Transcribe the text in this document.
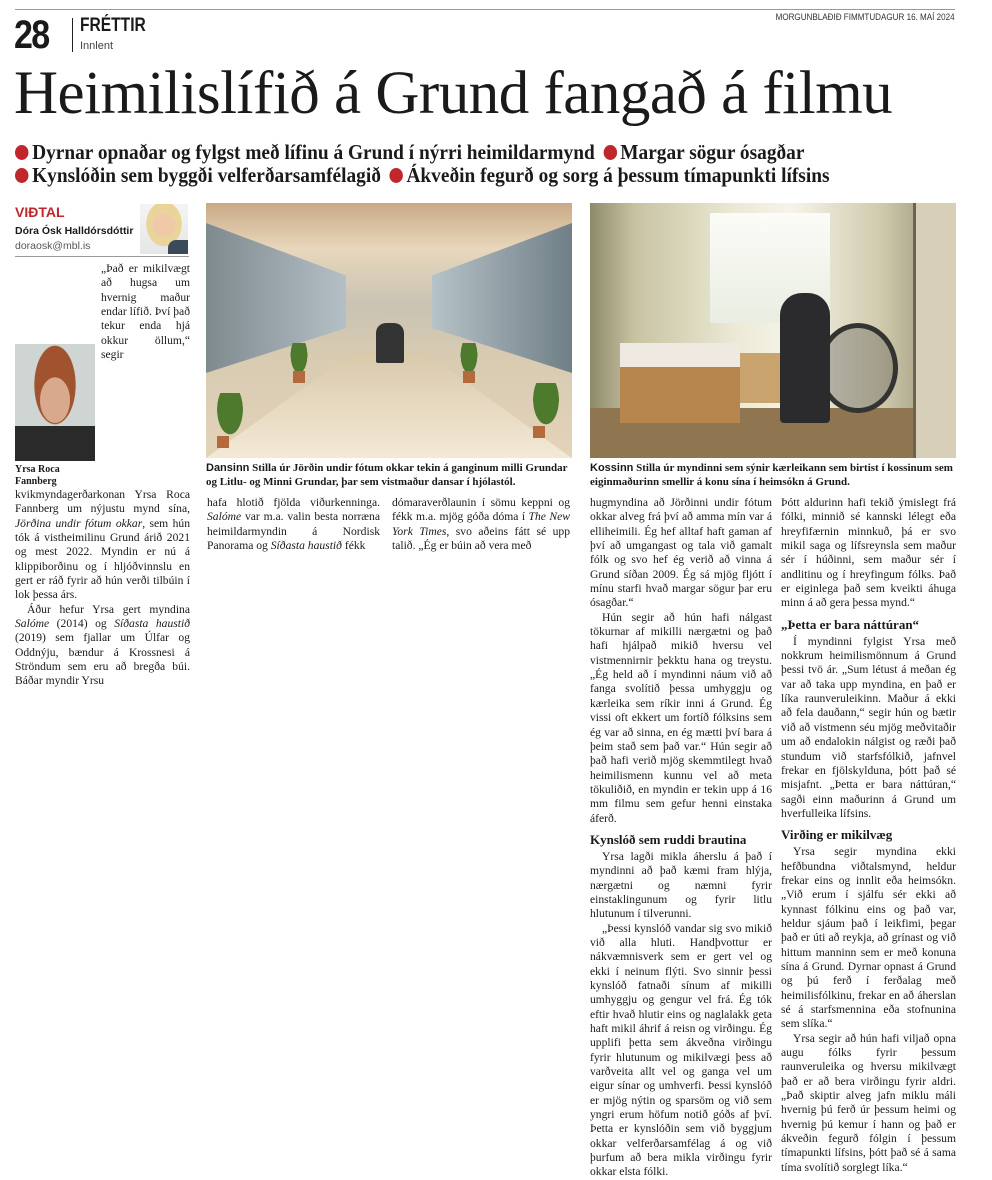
28 FRÉTTIR
Innlent
MORGUNBLAÐIÐ FIMMTUDAGUR 16. MAÍ 2024
Heimilislífið á Grund fangað á filmu
Dyrnar opnaðar og fylgst með lífinu á Grund í nýrri heimildarmynd Margar sögur ósagðar
Kynslóðin sem byggði velferðarsamfélagið Ákveðin fegurð og sorg á þessum tímapunkti lífsins
VIÐTAL
Dóra Ósk Halldórsdóttir
doraosk@mbl.is
Yrsa Roca Fannberg

„Það er mikilvægt að hugsa um hvernig maður endar lífið. Því það tekur enda hjá okkur öllum,“ segir kvikmyndagerðarkonan Yrsa Roca Fannberg um nýjustu mynd sína, Jörðina undir fótum okkar, sem hún tók á vistheimilinu Grund árið 2021 og mest 2022. Myndin er nú á klippiborðinu og í hljóðvinnslu en gert er ráð fyrir að hún verði tilbúin í lok þessa árs.

Áður hefur Yrsa gert myndina Salóme (2014) og Síðasta haustið (2019) sem fjallar um Úlfar og Oddnýju, bændur á Krossnesi á Ströndum sem eru að bregða búi. Báðar myndir Yrsu

Dansinn Stilla úr Jörðin undir fótum okkar tekin á ganginum milli Grundar og Litlu- og Minni Grundar, þar sem vistmaður dansar í hjólastól.
Kossinn Stilla úr myndinni sem sýnir kærleikann sem birtist í kossinum sem eiginmaðurinn smellir á konu sína í heimsókn á Grund.

hafa hlotið fjölda viðurkenninga. Salóme var m.a. valin besta norræna heimildarmyndin á Nordisk Panorama og Síðasta haustið fékk

dómaraverðlaunin í sömu keppni og fékk m.a. mjög góða dóma í The New York Times, svo aðeins fátt sé upp talið. „Ég er búin að vera með

hugmyndina að Jörðinni undir fótum okkar alveg frá því að amma mín var á elliheimili. Ég hef alltaf haft gaman af því að umgangast og tala við gamalt fólk og svo hef ég verið að vinna á Grund síðan 2009. Ég sá mjög fljótt í mínu starfi hvað margar sögur þar eru ósagðar.“

Hún segir að hún hafi nálgast tökurnar af mikilli nærgætni og það hafi hjálpað mikið hversu vel vistmennirnir þekktu hana og treystu. „Ég held að í myndinni náum við að fanga svolítið þessa umhyggju og kærleika sem ríkir inni á Grund. Ég vissi oft ekkert um fortíð fólksins sem ég var að sinna, en ég mætti því bara á þeim stað sem það var.“ Hún segir að það hafi verið mjög skemmtilegt hvað heimilismenn kunnu vel að meta tökuliðið, en myndin er tekin upp á 16 mm filmu sem gefur henni einstaka áferð.

Kynslóð sem ruddi brautina

Yrsa lagði mikla áherslu á það í myndinni að það kæmi fram hlýja, nærgætni og næmni fyrir einstaklingunum og fyrir litlu hlutunum í tilverunni.

„Þessi kynslóð vandar sig svo mikið við alla hluti. Handþvottur er nákvæmnisverk sem er gert vel og ekki í neinum flýti. Svo sinnir þessi kynslóð fatnaði sínum af mikilli umhyggju og gengur vel frá. Ég tók eftir hvað hlutir eins og naglalakk geta haft mikil áhrif á reisn og virðingu. Ég upplifi þetta sem ákveðna virðingu fyrir hlutunum og mikilvægi þess að varðveita allt vel og ganga vel um eigur sínar og umhverfi. Þessi kynslóð er mjög nýtin og sparsöm og við sem yngri erum höfum notið góðs af því. Þetta er kynslóðin sem við byggjum okkar velferðarsamfélag á og við þurfum að bera mikla virðingu fyrir okkar elsta fólki.

Þótt aldurinn hafi tekið ýmislegt frá fólki, minnið sé kannski lélegt eða hreyfifærnin minnkuð, þá er svo mikil saga og lífsreynsla sem maður sér í húðinni, sem maður sér í andlitinu og í hreyfingum fólks. Það er eiginlega það sem kveikti áhuga minn á að gera þessa mynd.“

„Þetta er bara náttúran“

Í myndinni fylgist Yrsa með nokkrum heimilismönnum á Grund þessi tvö ár. „Sum létust á meðan ég var að taka upp myndina, en það er líka raunveruleikinn. Maður á ekki að fela dauðann,“ segir hún og bætir við að vistmenn séu mjög meðvitaðir um að endalokin nálgist og ræði það stundum við starfsfólkið, jafnvel frekar en fjölskylduna, þótt það sé misjafnt. „Þetta er bara náttúran,“ sagði einn maðurinn á Grund um hverfulleika lífsins.

Virðing er mikilvæg

Yrsa segir myndina ekki hefðbundna viðtalsmynd, heldur frekar eins og innlit eða heimsókn. „Við erum í sjálfu sér ekki að kynnast fólkinu eins og það var, heldur sjáum það í leikfimi, þegar það er úti að reykja, að grínast og við hittum manninn sem er með konuna sína á Grund. Dyrnar opnast á Grund og þú ferð í ferðalag með heimilisfólkinu, frekar en að áherslan sé á starfsmennina eða stofnunina sem slíka.“

Yrsa segir að hún hafi viljað opna augu fólks fyrir þessum raunveruleika og hversu mikilvægt það er að bera virðingu fyrir aldri. „Það skiptir alveg jafn miklu máli hvernig þú ferð úr þessum heimi og hvernig þú kemur í hann og það er ákveðin fegurð fólgin í þessum tímapunkti lífsins, þótt það sé á sama tíma svolítið sorglegt líka.“
